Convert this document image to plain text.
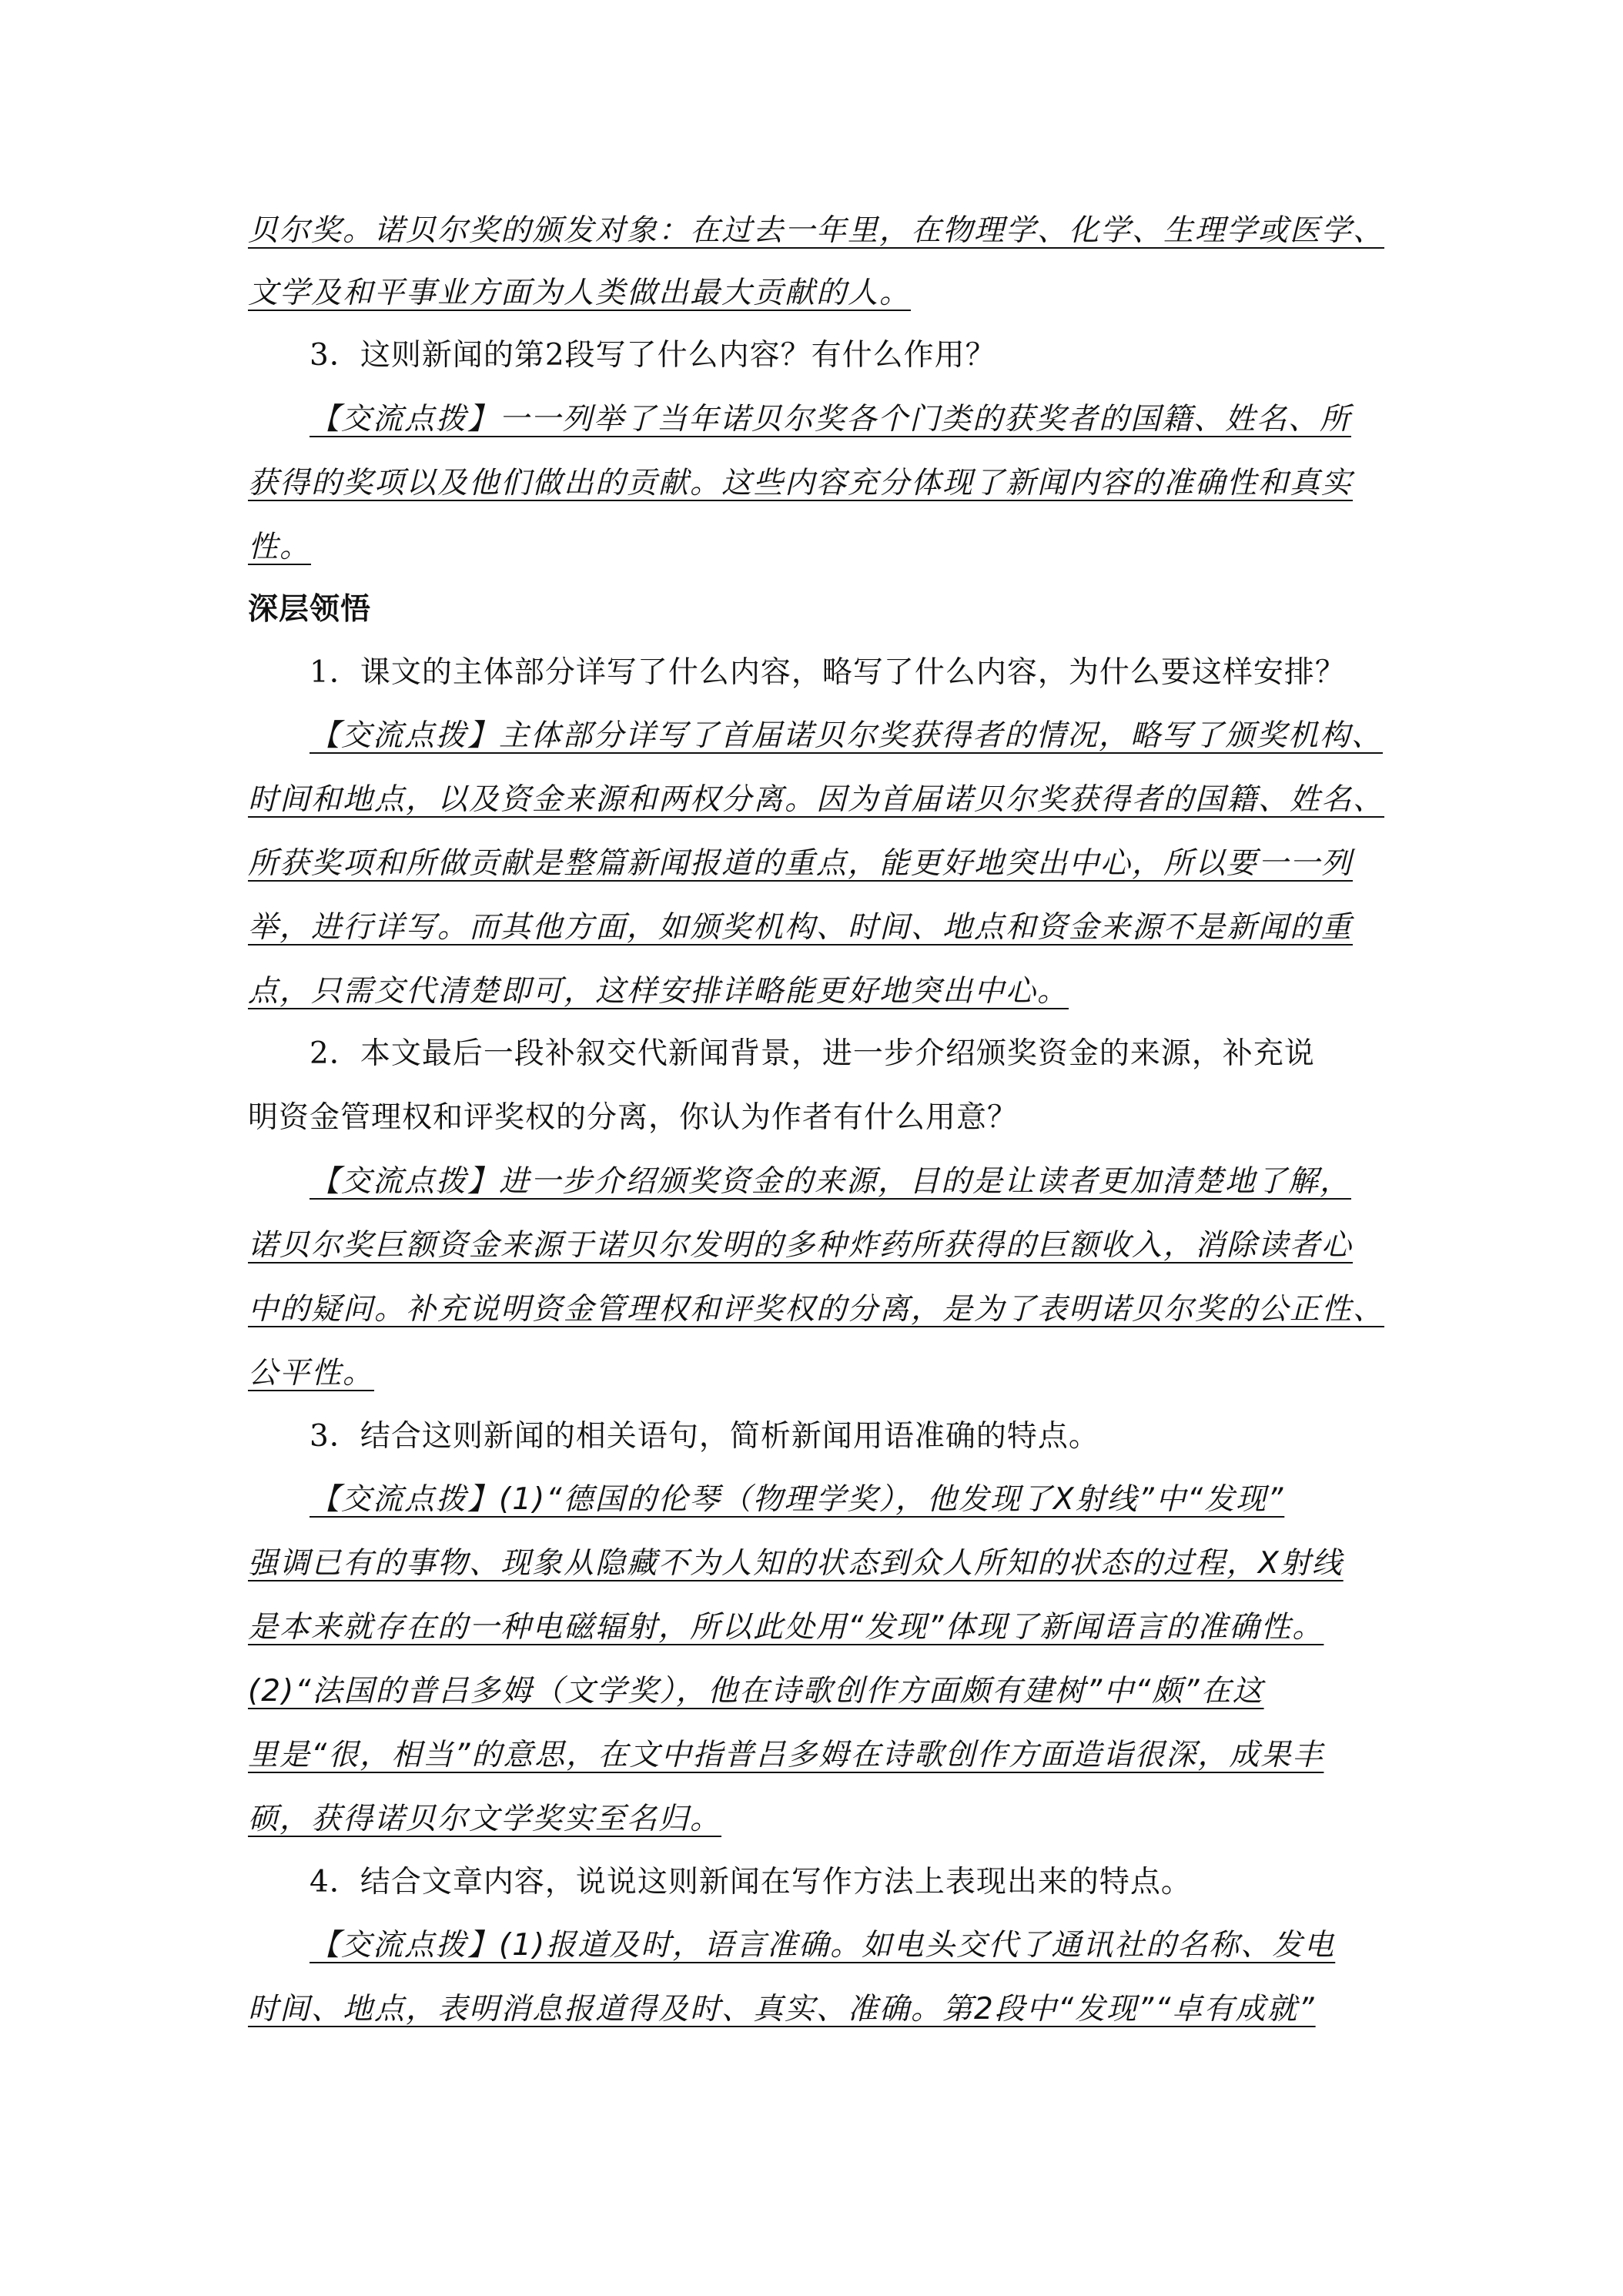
贝尔奖。诺贝尔奖的颁发对象：在过去一年里，在物理学、化学、生理学或医学、
文学及和平事业方面为人类做出最大贡献的人。
3．这则新闻的第2段写了什么内容？有什么作用？
【交流点拨】一一列举了当年诺贝尔奖各个门类的获奖者的国籍、姓名、所
获得的奖项以及他们做出的贡献。这些内容充分体现了新闻内容的准确性和真实
性。
深层领悟
1．课文的主体部分详写了什么内容，略写了什么内容，为什么要这样安排？
【交流点拨】主体部分详写了首届诺贝尔奖获得者的情况，略写了颁奖机构、
时间和地点，以及资金来源和两权分离。因为首届诺贝尔奖获得者的国籍、姓名、
所获奖项和所做贡献是整篇新闻报道的重点，能更好地突出中心，所以要一一列
举，进行详写。而其他方面，如颁奖机构、时间、地点和资金来源不是新闻的重
点，只需交代清楚即可，这样安排详略能更好地突出中心。
2．本文最后一段补叙交代新闻背景，进一步介绍颁奖资金的来源，补充说
明资金管理权和评奖权的分离，你认为作者有什么用意？
【交流点拨】进一步介绍颁奖资金的来源，目的是让读者更加清楚地了解，
诺贝尔奖巨额资金来源于诺贝尔发明的多种炸药所获得的巨额收入，消除读者心
中的疑问。补充说明资金管理权和评奖权的分离，是为了表明诺贝尔奖的公正性、
公平性。
3．结合这则新闻的相关语句，简析新闻用语准确的特点。
【交流点拨】(1)“德国的伦琴（物理学奖），他发现了X射线”中“发现”
强调已有的事物、现象从隐藏不为人知的状态到众人所知的状态的过程，X射线
是本来就存在的一种电磁辐射，所以此处用“发现”体现了新闻语言的准确性。
(2)“法国的普吕多姆（文学奖），他在诗歌创作方面颇有建树”中“颇”在这
里是“很，相当”的意思，在文中指普吕多姆在诗歌创作方面造诣很深，成果丰
硕，获得诺贝尔文学奖实至名归。
4．结合文章内容，说说这则新闻在写作方法上表现出来的特点。
【交流点拨】(1)报道及时，语言准确。如电头交代了通讯社的名称、发电
时间、地点，表明消息报道得及时、真实、准确。第2段中“发现”“卓有成就”
